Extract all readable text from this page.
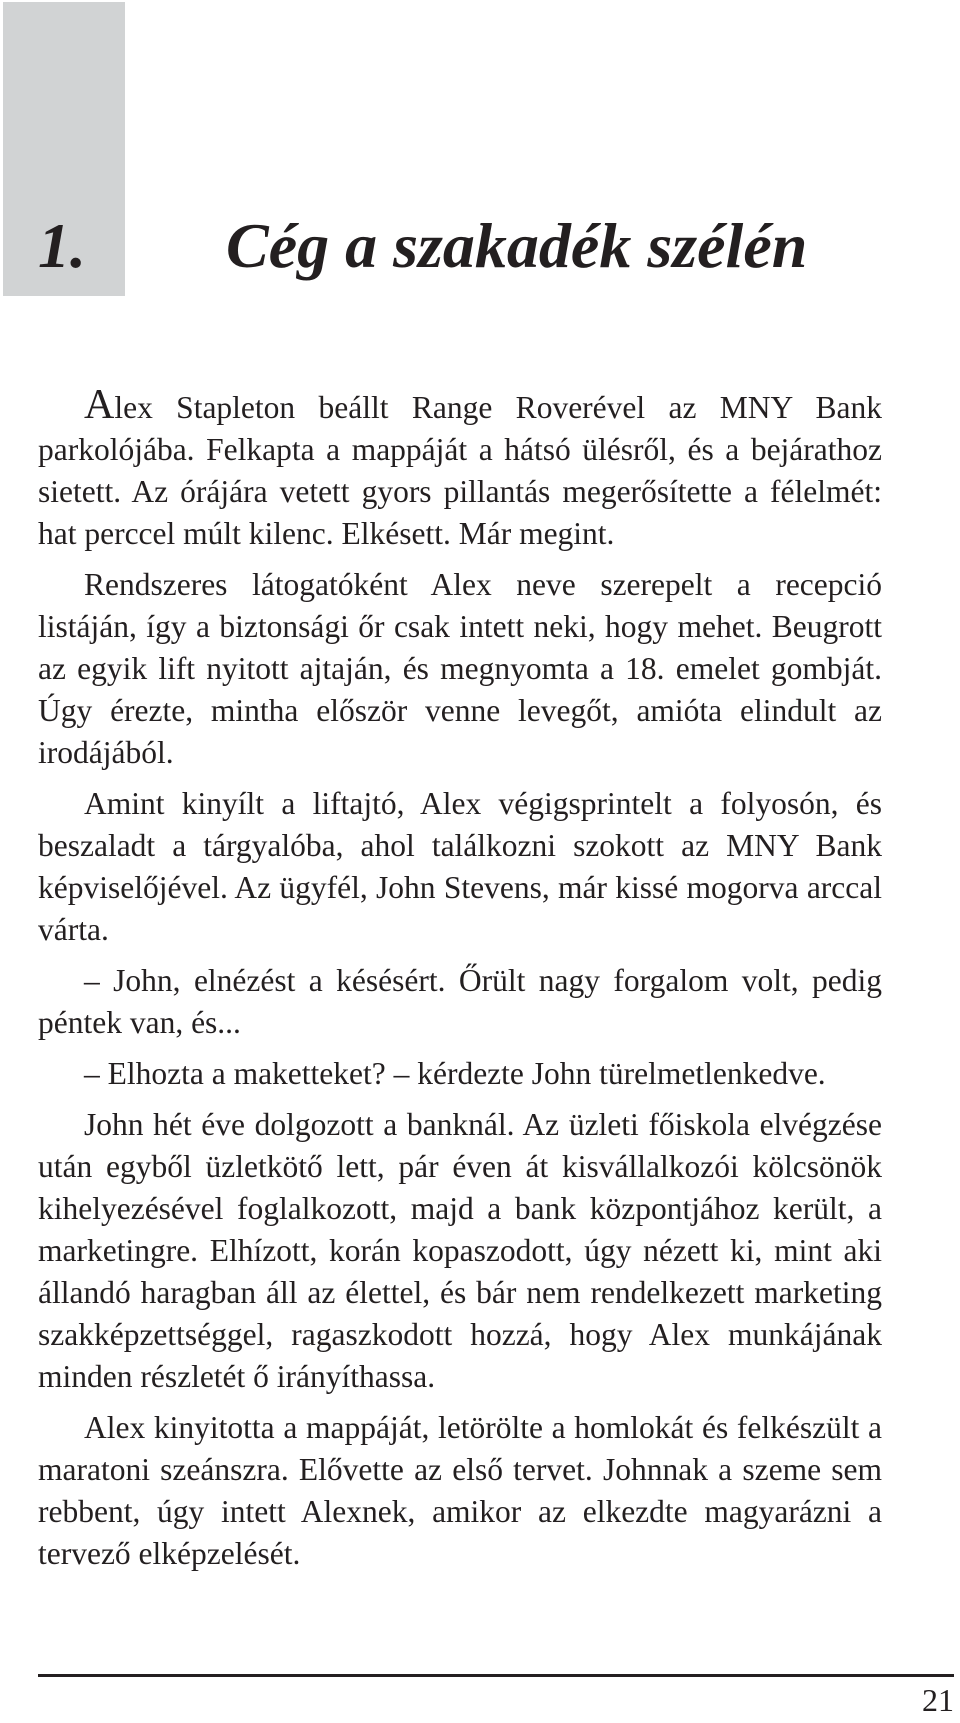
1. Cég a szakadék szélén

Alex Stapleton beállt Range Roverével az MNY Bank parkolójába. Felkapta a mappáját a hátsó ülésről, és a bejárathoz sietett. Az órájára vetett gyors pillantás megerősítette a félelmét: hat perccel múlt kilenc. Elkésett. Már megint.

Rendszeres látogatóként Alex neve szerepelt a recepció listáján, így a biztonsági őr csak intett neki, hogy mehet. Beugrott az egyik lift nyitott ajtaján, és megnyomta a 18. emelet gombját. Úgy érezte, mintha először venne levegőt, amióta elindult az irodájából.

Amint kinyílt a liftajtó, Alex végigsprintelt a folyosón, és beszaladt a tárgyalóba, ahol találkozni szokott az MNY Bank képviselőjével. Az ügyfél, John Stevens, már kissé mogorva arccal várta.

– John, elnézést a késésért. Őrült nagy forgalom volt, pedig péntek van, és...

– Elhozta a maketteket? – kérdezte John türelmetlenkedve.

John hét éve dolgozott a banknál. Az üzleti főiskola elvégzése után egyből üzletkötő lett, pár éven át kisvállalkozói kölcsönök kihelyezésével foglalkozott, majd a bank központjához került, a marketingre. Elhízott, korán kopaszodott, úgy nézett ki, mint aki állandó haragban áll az élettel, és bár nem rendelkezett marketing szakképzettséggel, ragaszkodott hozzá, hogy Alex munkájának minden részletét ő irányíthassa.

Alex kinyitotta a mappáját, letörölte a homlokát és felkészült a maratoni szeánszra. Elővette az első tervet. Johnnak a szeme sem rebbent, úgy intett Alexnek, amikor az elkezdte magyarázni a tervező elképzelését.

21
